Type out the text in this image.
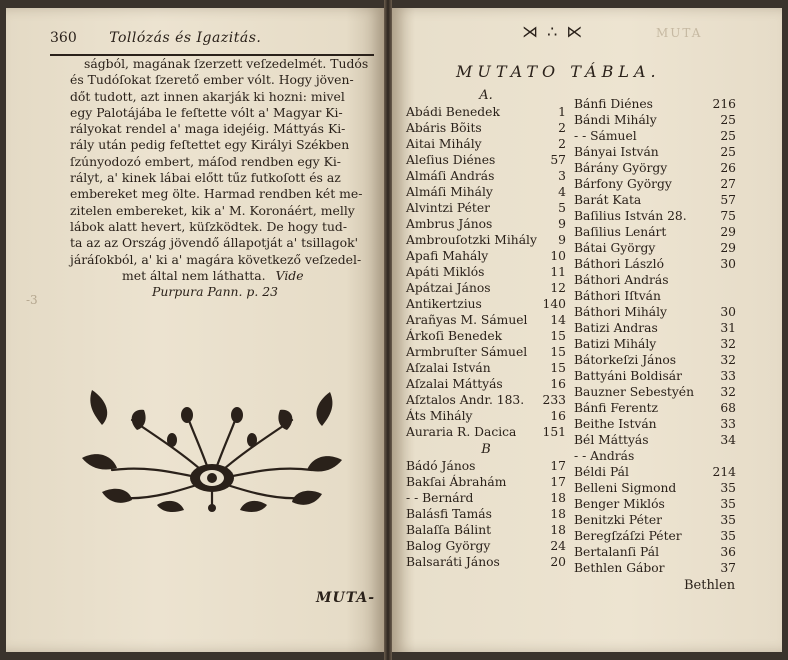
360 Tollózás és Igazitás.
ságból, magának ſzerzett veſzedelmét. Tudós
és Tudóſokat ſzerető ember vólt. Hogy jöven-
dőt tudott, azt innen akarják ki hozni: mivel
egy Palotájába le feſtette vólt a' Magyar Ki-
rályokat rendel a' maga idejéig. Máttyás Ki-
rály után pedig feſtettet egy Királyi Székben
ſzúnyodozó embert, máſod rendben egy Ki-
rályt, a' kinek lábai előtt tűz futkoſott és az
embereket meg ölte. Harmad rendben két me-
zitelen embereket, kik a' M. Koronáért, melly
lábok alatt hevert, küſzködtek. De hogy tud-
ta az az Ország jövendő állapotját a' tsillagok'
járáſokból, a' ki a' magára következő veſzedel-
met által nem láthatta. Vide
Purpura Pann. p. 23
-3
MUTA-
⋊ ∴ ⋉	MUTA
MUTATO TÁBLA.
A.
Abádi Benedek	1
Abáris Bõits	2
Aitai Mihály	2
Aleſius Diénes	57
Almáſi András	3
Almáſi Mihály	4
Alvintzi Péter	5
Ambrus János	9
Ambrouſotzki Mihály 9
Apafi Mahály	10
Apáti Miklós	11
Apátzai János	12
Antikertzius	140
Arañyas M. Sámuel 14
Árkoſi Benedek	15
Armbruſter Sámuel 15
Aſzalai István	15
Aſzalai Máttyás	16
Aſztalos Andr. 183. 233
Áts Mihály	16
Auraria R. Dacica 151
B
Bádó János	17
Bakſai Ábrahám	17
- - Bernárd	18
Balásfi Tamás	18
Balaſſa Bálint	18
Balog György	24
Balsaráti János	20
Bánfi Diénes	216
Bándi Mihály	25
- - Sámuel	25
Bányai István	25
Bárány György	26
Bárfony György	27
Barát Kata	57
Baſilius István 28.	75
Baſilius Lenárt	29
Bátai György	29
Báthori László	30
Báthori András
Báthori Iſtván
Báthori Mihály	30
Batizi Andras	31
Batizi Mihály	32
Bátorkeſzi János	32
Battyáni Boldisár	33
Bauzner Sebestyén 32
Bánfi Ferentz	68
Beithe István	33
Bél Máttyás	34
- - András
Béldi Pál	214
Belleni Sigmond	35
Benger Miklós	35
Benitzki Péter	35
Beregſzáſzi Péter	35
Bertalanſi Pál	36
Bethlen Gábor	37
Bethlen
